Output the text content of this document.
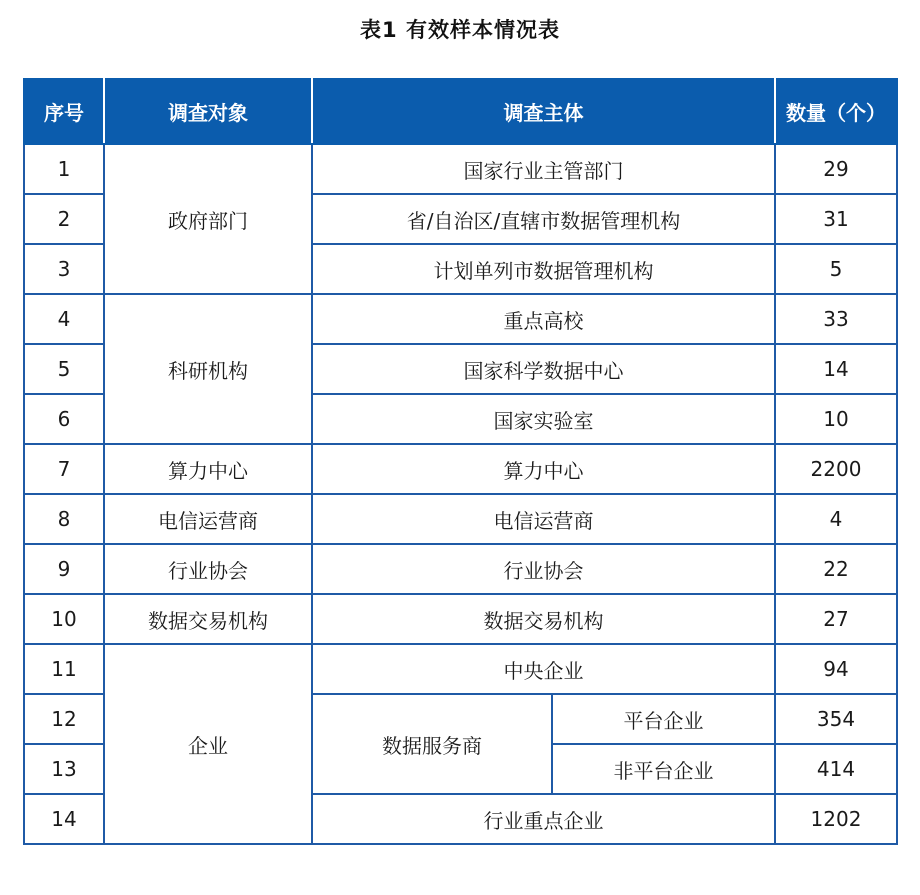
表1 有效样本情况表
序号	调查对象	调查主体		数量（个）
1	政府部门	国家行业主管部门		29
2		省/自治区/直辖市数据管理机构		31
3		计划单列市数据管理机构		5
4	科研机构	重点高校		33
5		国家科学数据中心		14
6		国家实验室		10
7	算力中心	算力中心		2200
8	电信运营商	电信运营商		4
9	行业协会	行业协会		22
10	数据交易机构	数据交易机构		27
11	企业	中央企业		94
12		数据服务商	平台企业	354
13			非平台企业	414
14		行业重点企业		1202
